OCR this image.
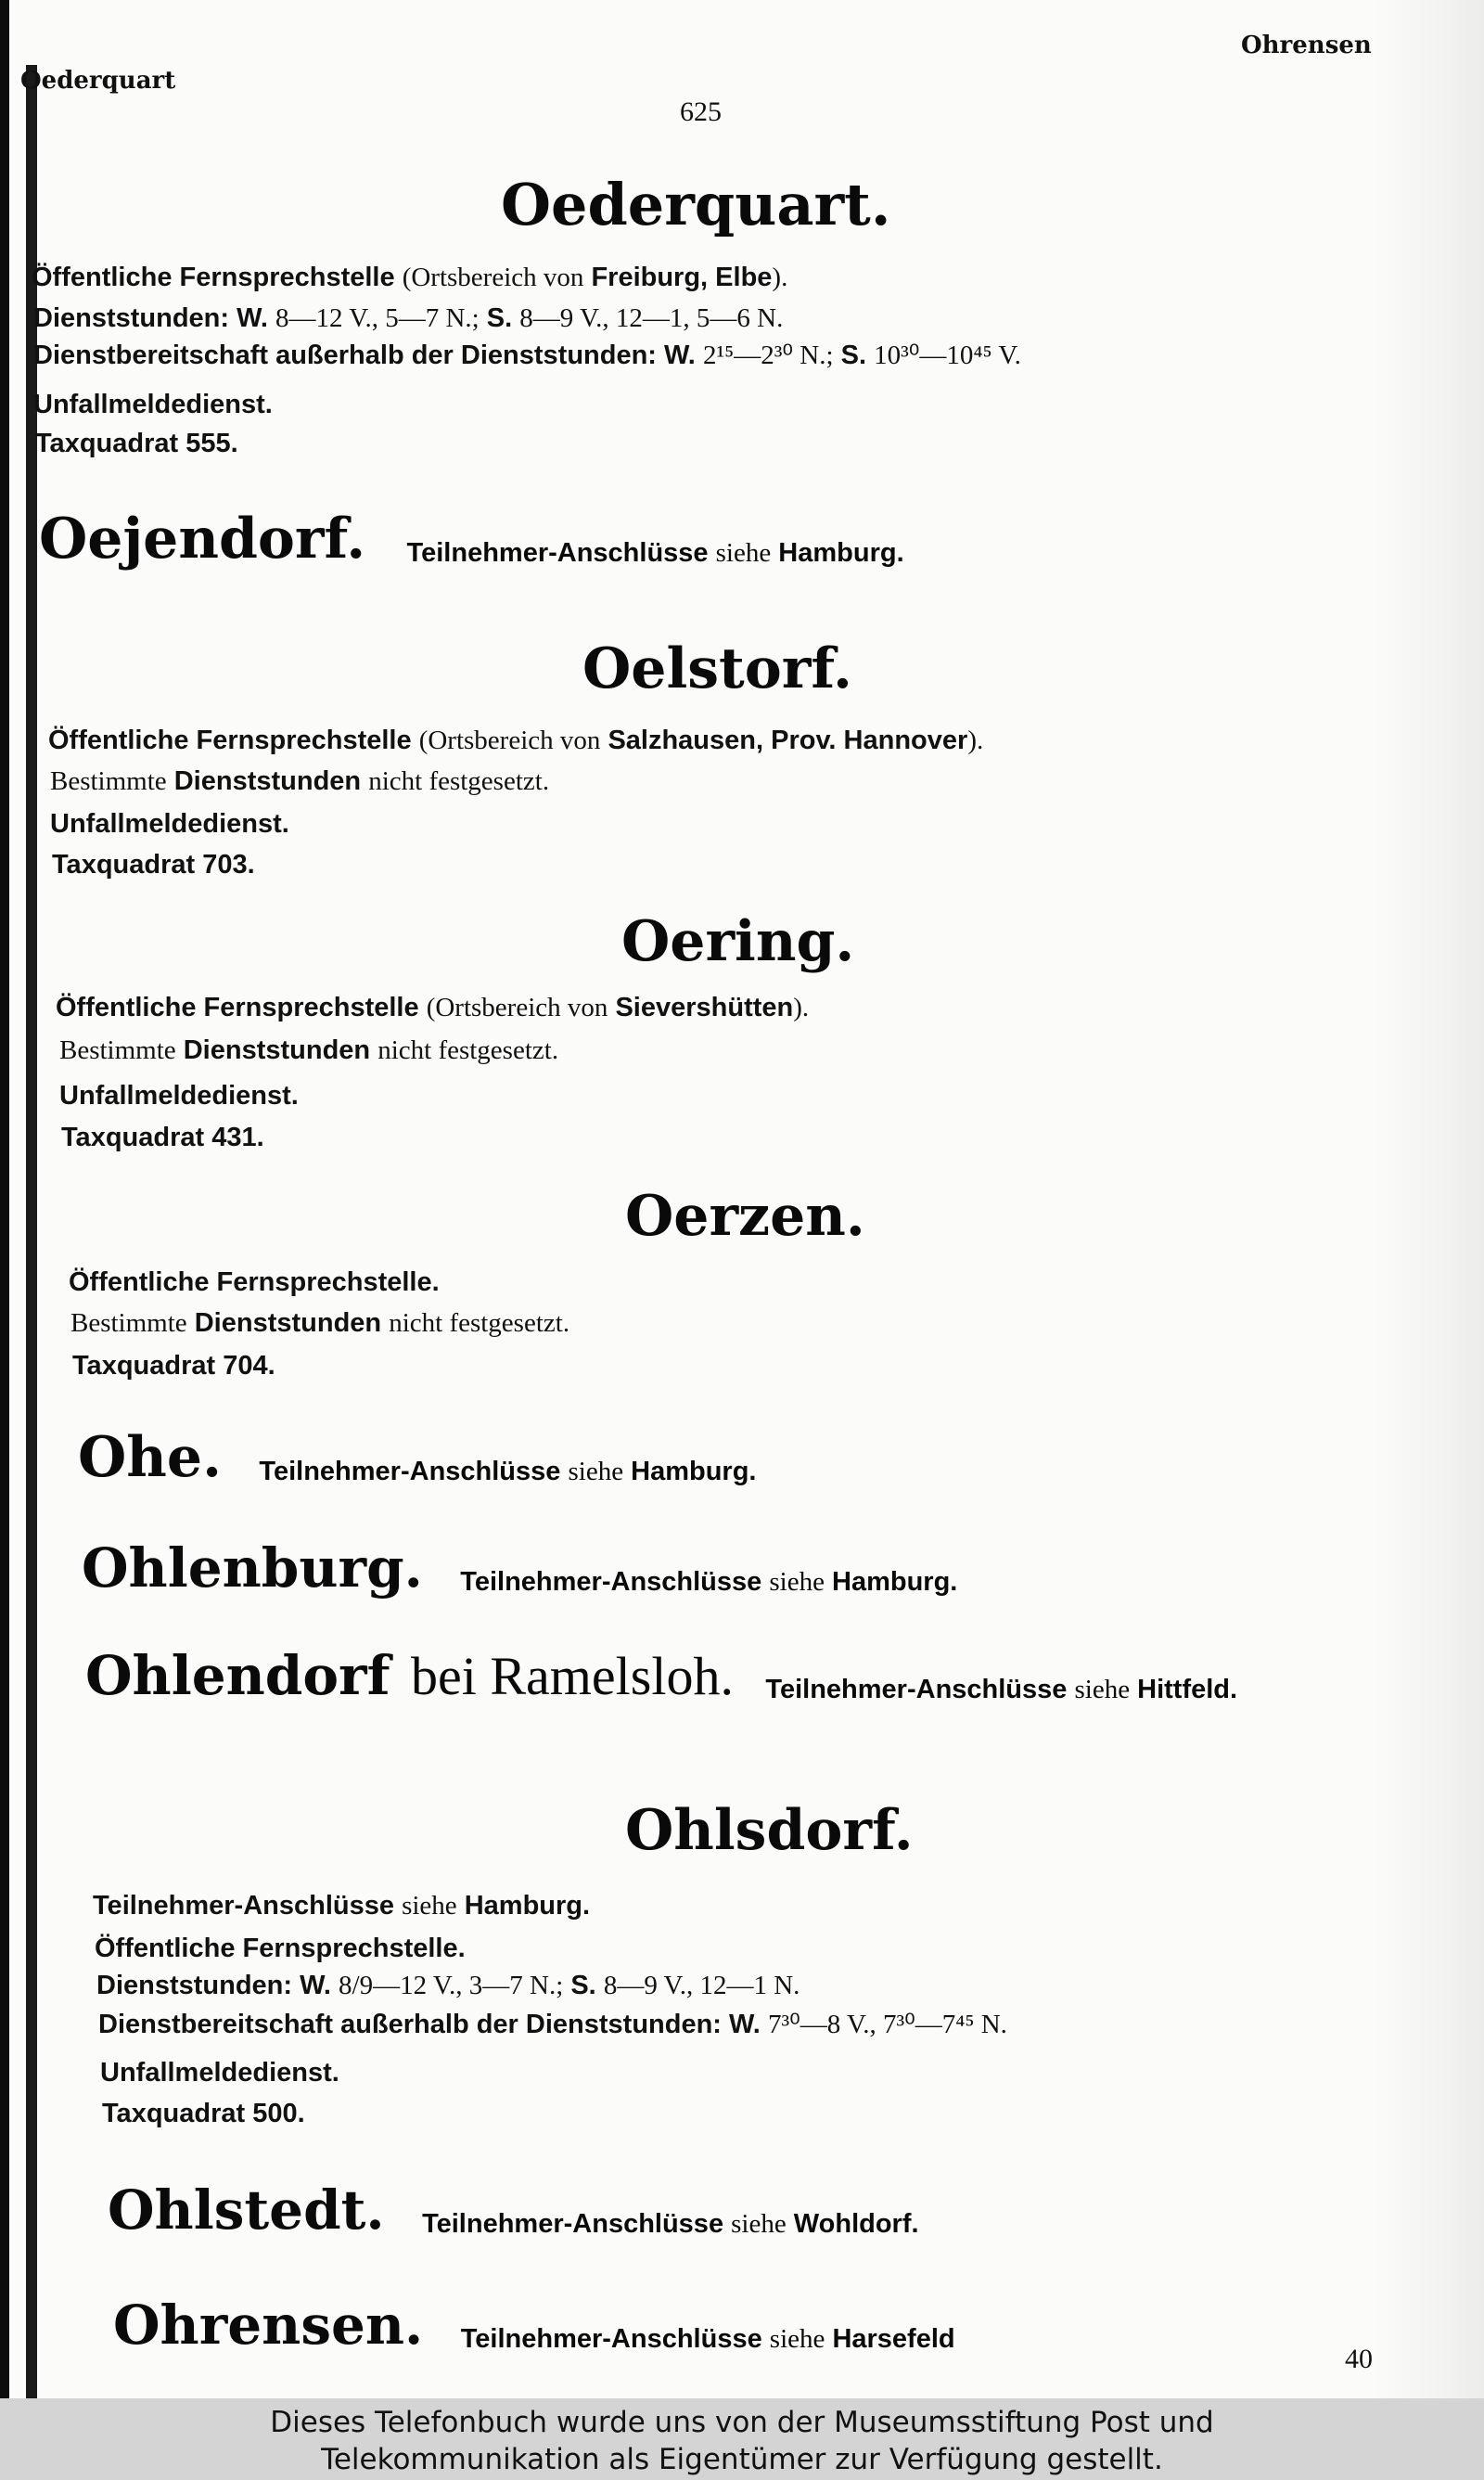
Oederquart
Ohrensen
625
Oederquart.
Öffentliche Fernsprechstelle (Ortsbereich von Freiburg, Elbe).
Dienststunden: W. 8—12 V., 5—7 N.; S. 8—9 V., 12—1, 5—6 N.
Dienstbereitschaft außerhalb der Dienststunden: W. 2¹⁵—2³⁰ N.; S. 10³⁰—10⁴⁵ V.
Unfallmeldedienst.
Taxquadrat 555.
Oejendorf. Teilnehmer-Anschlüsse siehe Hamburg.
Oelstorf.
Öffentliche Fernsprechstelle (Ortsbereich von Salzhausen, Prov. Hannover).
Bestimmte Dienststunden nicht festgesetzt.
Unfallmeldedienst.
Taxquadrat 703.
Oering.
Öffentliche Fernsprechstelle (Ortsbereich von Sievershütten).
Bestimmte Dienststunden nicht festgesetzt.
Unfallmeldedienst.
Taxquadrat 431.
Oerzen.
Öffentliche Fernsprechstelle.
Bestimmte Dienststunden nicht festgesetzt.
Taxquadrat 704.
Ohe. Teilnehmer-Anschlüsse siehe Hamburg.
Ohlenburg. Teilnehmer-Anschlüsse siehe Hamburg.
Ohlendorf bei Ramelsloh. Teilnehmer-Anschlüsse siehe Hittfeld.
Ohlsdorf.
Teilnehmer-Anschlüsse siehe Hamburg.
Öffentliche Fernsprechstelle.
Dienststunden: W. 8/9—12 V., 3—7 N.; S. 8—9 V., 12—1 N.
Dienstbereitschaft außerhalb der Dienststunden: W. 7³⁰—8 V., 7³⁰—7⁴⁵ N.
Unfallmeldedienst.
Taxquadrat 500.
Ohlstedt. Teilnehmer-Anschlüsse siehe Wohldorf.
Ohrensen. Teilnehmer-Anschlüsse siehe Harsefeld
40
Dieses Telefonbuch wurde uns von der Museumsstiftung Post und
Telekommunikation als Eigentümer zur Verfügung gestellt.
